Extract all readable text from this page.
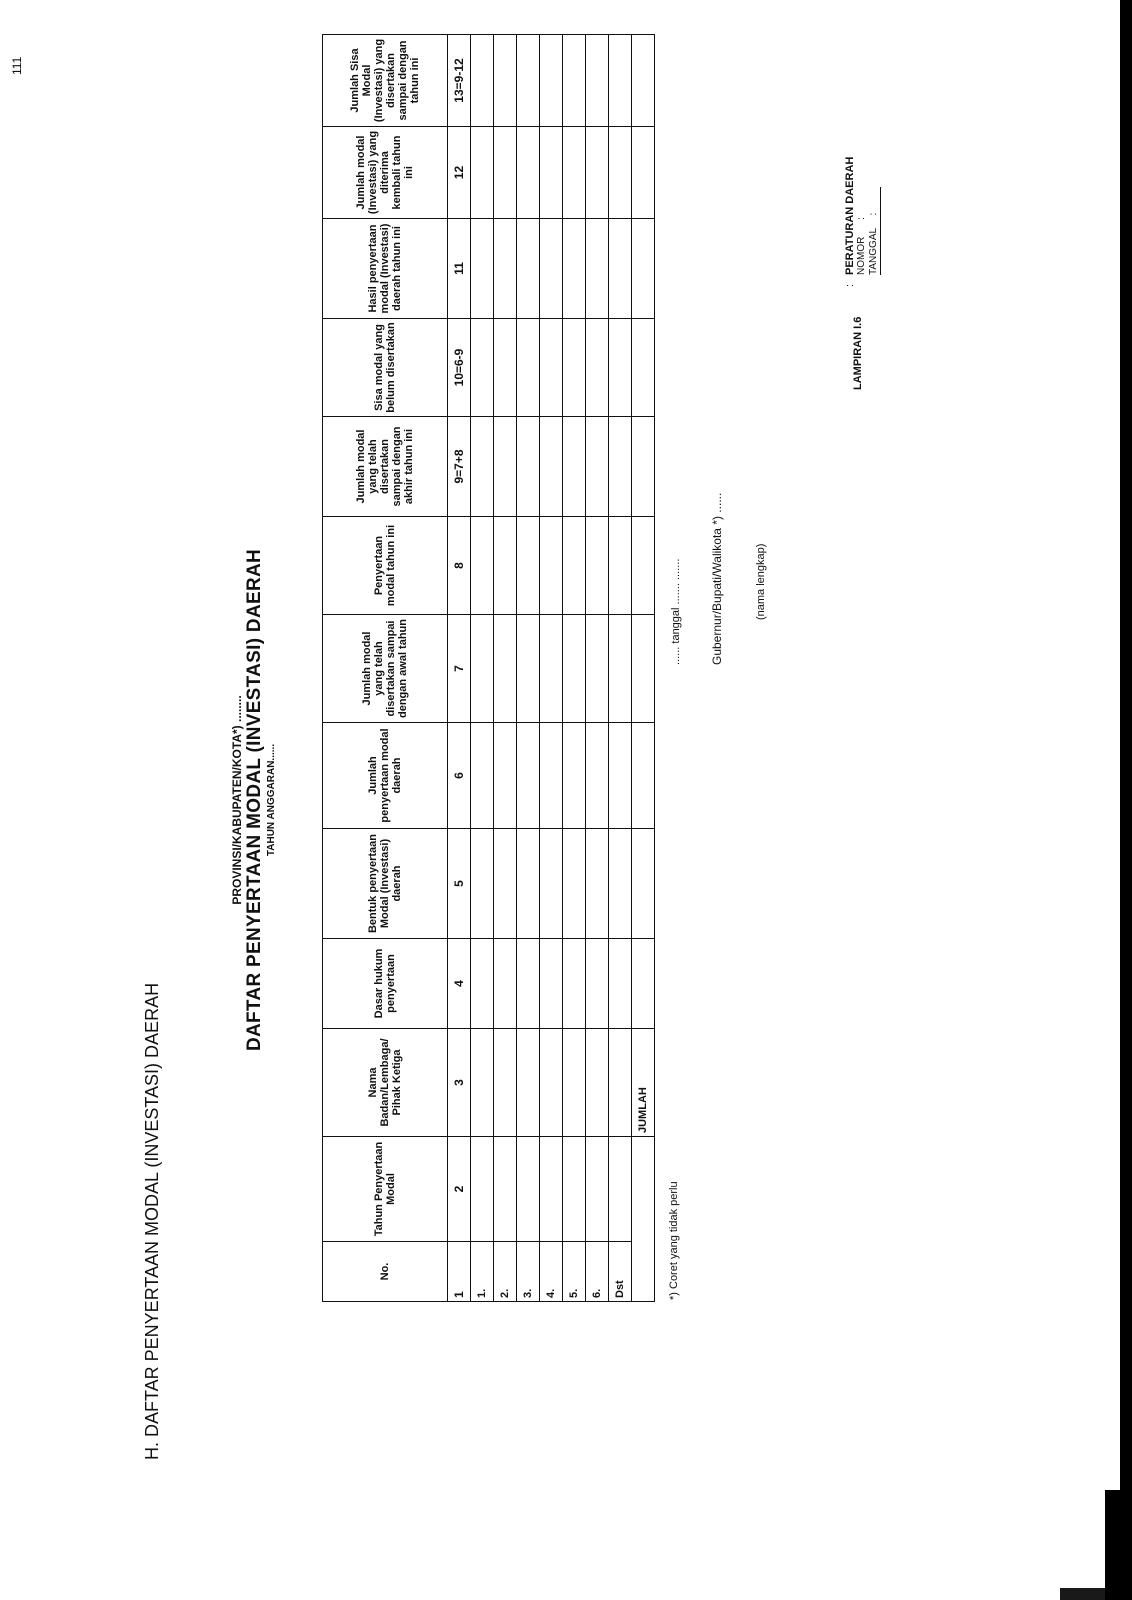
111
H. DAFTAR PENYERTAAN MODAL (INVESTASI) DAERAH
LAMPIRAN I.6
:
PERATURAN DAERAH NOMOR :
TANGGAL :
PROVINSI/KABUPATEN/KOTA*) ........ DAFTAR PENYERTAAN MODAL (INVESTASI) DAERAH TAHUN ANGGARAN......
No.	Tahun Penyertaan Modal	Nama Badan/Lembaga/ Pihak Ketiga	Dasar hukum penyertaan	Bentuk penyertaan Modal (Investasi) daerah	Jumlah penyertaan modal daerah	Jumlah modal yang telah disertakan sampai dengan awal tahun	Penyertaan modal tahun ini	Jumlah modal yang telah disertakan sampai dengan akhir tahun ini	Sisa modal yang belum disertakan	Hasil penyertaan modal (Investasi) daerah tahun ini	Jumlah modal (Investasi) yang diterima kembali tahun ini	Jumlah Sisa Modal (Investasi) yang disertakan sampai dengan tahun ini
1	2	3	4	5	6	7	8	9=7+8	10=6-9	11	12	13=9-12
1.												
2.												
3.												
4.												
5.												
6.												
Dst												
		JUMLAH										
*) Coret yang tidak perlu
...... tanggal ....... ....... Gubernur/Bupati/Walikota *) ......	(nama lengkap)
